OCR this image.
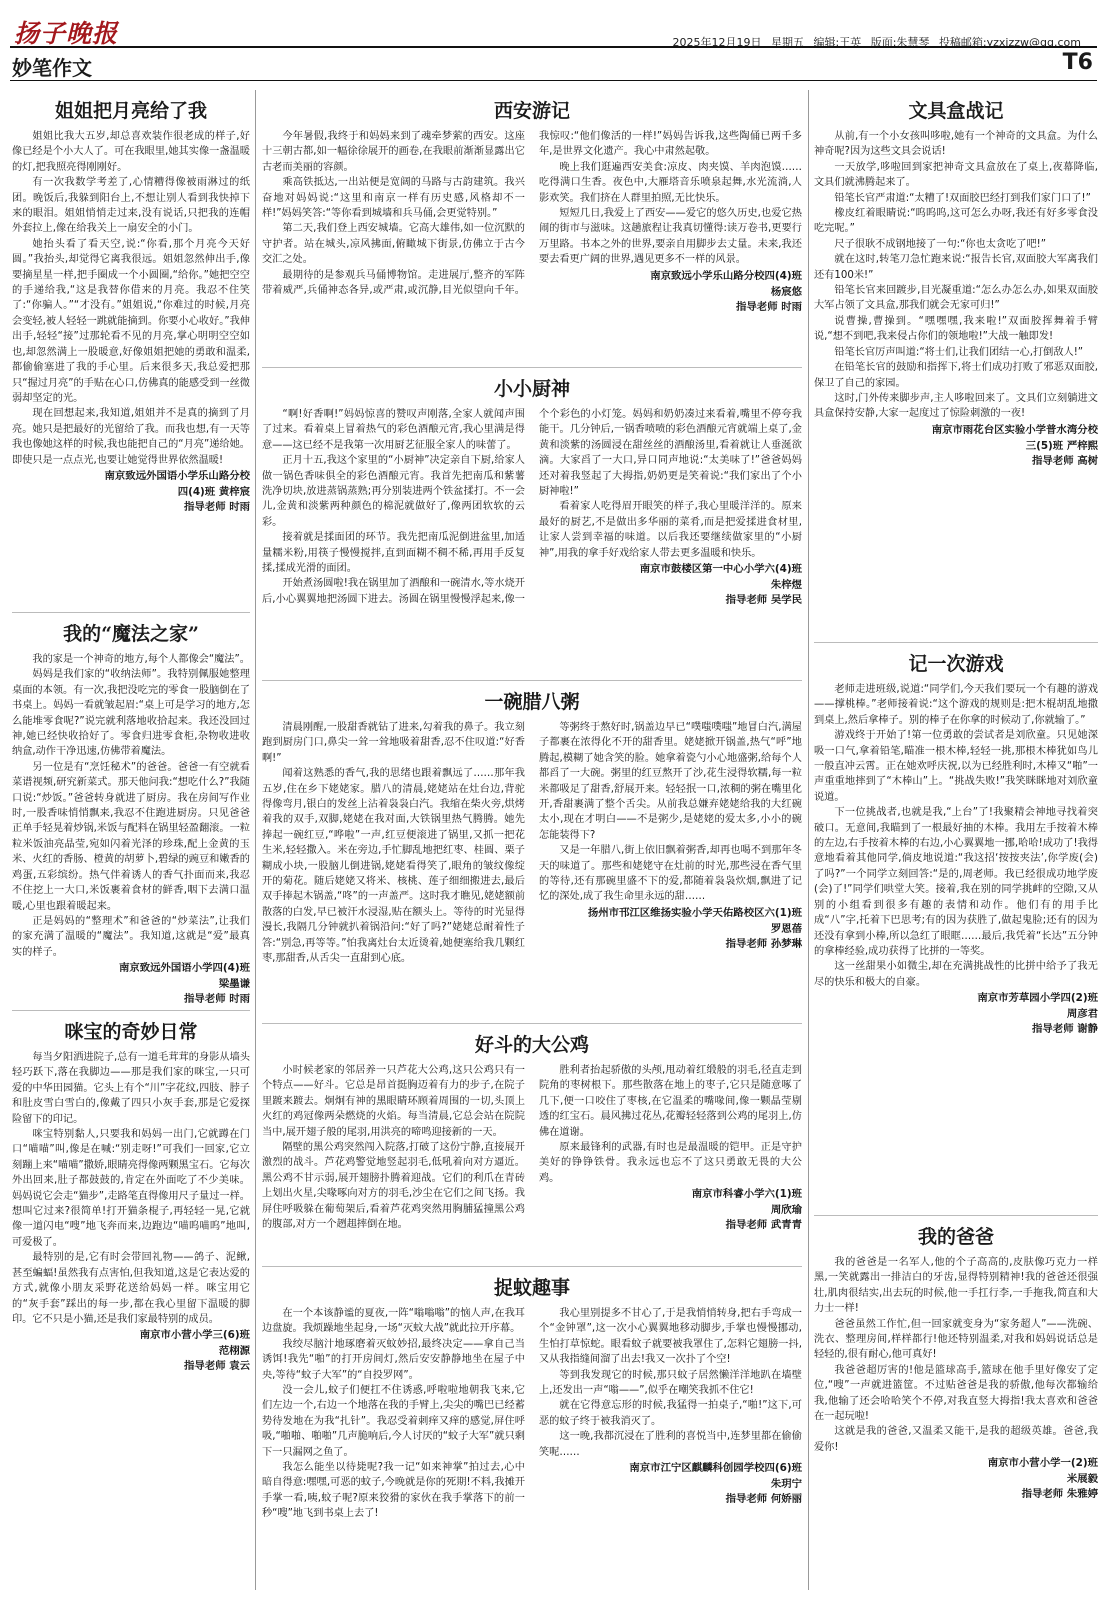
扬子晚报	2025年12月19日 星期五 编辑:王英 版面:朱慧琴 投稿邮箱:yzxjzzw@qq.com
妙笔作文	T6
姐姐把月亮给了我

姐姐比我大五岁,却总喜欢装作很老成的样子,好像已经是个小大人了。可在我眼里,她其实像一盏温暖的灯,把我照亮得刚刚好。

有一次我数学考差了,心情糟得像被雨淋过的纸团。晚饭后,我躲到阳台上,不想让别人看到我快掉下来的眼泪。姐姐悄悄走过来,没有说话,只把我的连帽外套拉上,像在给我关上一扇安全的小门。

她抬头看了看天空,说:“你看,那个月亮今天好圆。”我抬头,却觉得它离我很远。姐姐忽然伸出手,像要摘星星一样,把手圈成一个小圆圈,“给你。”她把空空的手递给我,“这是我替你借来的月亮。我忍不住笑了:“你骗人。”“才没有。”姐姐说,“你难过的时候,月亮会变轻,被人轻轻一跳就能摘到。你要小心收好。”我伸出手,轻轻“接”过那轮看不见的月亮,掌心明明空空如也,却忽然满上一股暖意,好像姐姐把她的勇敢和温柔,都偷偷塞进了我的手心里。后来很多天,我总爱把那只“握过月亮”的手贴在心口,仿佛真的能感受到一丝微弱却坚定的光。

现在回想起来,我知道,姐姐并不是真的摘到了月亮。她只是把最好的光留给了我。而我也想,有一天等我也像她这样的时候,我也能把自己的“月亮”递给她。即使只是一点点光,也要让她觉得世界依然温暖!

南京致远外国语小学乐山路分校
四(4)班 黄梓宸
指导老师 时雨
我的“魔法之家”

我的家是一个神奇的地方,每个人都像会“魔法”。

妈妈是我们家的“收纳法师”。我特别佩服她整理桌面的本领。有一次,我把没吃完的零食一股脑倒在了书桌上。妈妈一看就皱起眉:“桌上可是学习的地方,怎么能堆零食呢?”说完就利落地收拾起来。我还没回过神,她已经快收拾好了。零食归进零食柜,杂物收进收纳盒,动作干净迅速,仿佛带着魔法。

另一位是有“烹饪秘术”的爸爸。爸爸一有空就看菜谱视频,研究新菜式。那天他问我:“想吃什么?”我随口说:“炒饭。”爸爸转身就进了厨房。我在房间写作业时,一股香味悄悄飘来,我忍不住跑进厨房。只见爸爸正单手轻晃着炒锅,米饭与配料在锅里轻盈翻滚。一粒粒米饭油亮晶莹,宛如闪着光泽的珍珠,配上金黄的玉米、火红的香肠、橙黄的胡萝卜,碧绿的豌豆和嫩香的鸡蛋,五彩缤纷。热气伴着诱人的香气扑面而来,我忍不住挖上一大口,米饭裹着食材的鲜香,咽下去满口温暖,心里也跟着暖起来。

正是妈妈的“整理术”和爸爸的“炒菜法”,让我们的家充满了温暖的“魔法”。我知道,这就是“爱”最真实的样子。

南京致远外国语小学四(4)班
梁墨谦
指导老师 时雨
咪宝的奇妙日常

每当夕阳洒进院子,总有一道毛茸茸的身影从墙头轻巧跃下,落在我脚边——那是我们家的咪宝,一只可爱的中华田园猫。它头上有个“川”字花纹,四肢、脖子和肚皮雪白雪白的,像戴了四只小灰手套,那是它爱探险留下的印记。

咪宝特别黏人,只要我和妈妈一出门,它就蹲在门口“喵喵”叫,像是在喊:“别走呀!”可我们一回家,它立刻蹦上来“喵喵”撒娇,眼睛亮得像两颗黑宝石。它每次外出回来,肚子都鼓鼓的,肯定在外面吃了不少美味。妈妈说它会走“猫步”,走路笔直得像用尺子量过一样。想叫它过来?很简单!打开猫条棍子,再轻轻一晃,它就像一道闪电“嗖”地飞奔而来,边跑边“喵呜喵呜”地叫,可爱极了。

最特别的是,它有时会带回礼物——鸽子、泥鳅,甚至蝙蝠!虽然我有点害怕,但我知道,这是它表达爱的方式,就像小朋友采野花送给妈妈一样。咪宝用它的“灰手套”踩出的每一步,都在我心里留下温暖的脚印。它不只是小猫,还是我们家最特别的成员。

南京市小营小学三(6)班
范栩源
指导老师 袁云
西安游记

今年暑假,我终于和妈妈来到了魂牵梦萦的西安。这座十三朝古都,如一幅徐徐展开的画卷,在我眼前渐渐显露出它古老而美丽的容颜。

乘高铁抵达,一出站便是宽阔的马路与古韵建筑。我兴奋地对妈妈说:“这里和南京一样有历史感,风格却不一样!”妈妈笑答:“等你看到城墙和兵马俑,会更觉特别。”

第二天,我们登上西安城墙。它高大雄伟,如一位沉默的守护者。站在城头,凉风拂面,俯瞰城下街景,仿佛立于古今交汇之处。

最期待的是参观兵马俑博物馆。走进展厅,整齐的军阵带着威严,兵俑神态各异,或严肃,或沉静,目光似望向千年。我惊叹:“他们像活的一样!”妈妈告诉我,这些陶俑已两千多年,是世界文化遗产。我心中肃然起敬。

晚上我们逛遍西安美食:凉皮、肉夹馍、羊肉泡馍……吃得满口生香。夜色中,大雁塔音乐喷泉起舞,水光流淌,人影欢笑。我们挤在人群里拍照,无比快乐。

短短几日,我爱上了西安——爱它的悠久历史,也爱它热闹的街市与滋味。这趟旅程让我真切懂得:读万卷书,更要行万里路。书本之外的世界,要亲自用脚步去丈量。未来,我还要去看更广阔的世界,遇见更多不一样的风景。

南京致远小学乐山路分校四(4)班
杨宸悠
指导老师 时雨
小小厨神

“啊!好香啊!”妈妈惊喜的赞叹声刚落,全家人就闻声围了过来。看着桌上冒着热气的彩色酒酿元宵,我心里满是得意——这已经不是我第一次用厨艺征服全家人的味蕾了。

正月十五,我这个家里的“小厨神”决定亲自下厨,给家人做一锅色香味俱全的彩色酒酿元宵。我首先把南瓜和紫薯洗净切块,放进蒸锅蒸熟;再分别装进两个铁盆揉打。不一会儿,金黄和淡紫两种颜色的棉泥就做好了,像两团软软的云彩。

接着就是揉面团的环节。我先把南瓜泥倒进盆里,加适量糯米粉,用筷子慢慢搅拌,直到面糊不稠不稀,再用手反复揉,揉成光滑的面团。

开始煮汤圆啦!我在锅里加了酒酿和一碗清水,等水烧开后,小心翼翼地把汤圆下进去。汤圆在锅里慢慢浮起来,像一个个彩色的小灯笼。妈妈和奶奶凑过来看着,嘴里不停夸我能干。几分钟后,一锅香喷喷的彩色酒酿元宵就端上桌了,金黄和淡紫的汤圆浸在甜丝丝的酒酿汤里,看着就让人垂涎欲滴。大家舀了一大口,异口同声地说:“太美味了!”爸爸妈妈还对着我竖起了大拇指,奶奶更是笑着说:“我们家出了个小厨神啦!”

看着家人吃得眉开眼笑的样子,我心里暖洋洋的。原来最好的厨艺,不是做出多华丽的菜肴,而是把爱揉进食材里,让家人尝到幸福的味道。以后我还要继续做家里的“小厨神”,用我的拿手好戏给家人带去更多温暖和快乐。

南京市鼓楼区第一中心小学六(4)班
朱梓煜
指导老师 吴学民
一碗腊八粥

清晨刚醒,一股甜香就钻了进来,勾着我的鼻子。我立刻跑到厨房门口,鼻尖一耸一耸地吸着甜香,忍不住叹道:“好香啊!”

闻着这熟悉的香气,我的思绪也跟着飘远了……那年我五岁,住在乡下姥姥家。腊八的清晨,姥姥站在灶台边,背驼得像弯月,银白的发丝上沾着袅袅白汽。我缩在柴火旁,烘烤着我的双手,双脚,姥姥在我对面,大铁锅里热气腾腾。她先捧起一碗红豆,“哗啦”一声,红豆便滚进了锅里,又抓一把花生米,轻轻撒入。米在旁边,手忙脚乱地把红枣、桂圆、栗子糊成小块,一股脑儿倒进锅,姥姥看得笑了,眼角的皱纹像绽开的菊花。随后姥姥又将米、核桃、莲子细细搬进去,最后双手捧起木锅盖,“咚”的一声盖严。这时我才瞧见,姥姥额前散落的白发,早已被汗水浸湿,贴在额头上。等待的时光显得漫长,我隔几分钟就扒着锅沿问:“好了吗?”姥姥总耐着性子答:“别急,再等等。”怕我离灶台太近烫着,她便塞给我几颗红枣,那甜香,从舌尖一直甜到心底。

等粥终于熬好时,锅盖边早已“噗嗤噗嗤”地冒白汽,满屋子都裹在浓得化不开的甜香里。姥姥掀开锅盖,热气“呼”地腾起,模糊了她含笑的脸。她拿着瓷勺小心地盛粥,给每个人都舀了一大碗。粥里的红豆熬开了沙,花生浸得软糯,每一粒米都吸足了甜香,舒展开来。轻轻抿一口,浓稠的粥在嘴里化开,香甜裹满了整个舌尖。从前我总嫌弃姥姥给我的大红碗太小,现在才明白——不是粥少,是姥姥的爱太多,小小的碗怎能装得下?

又是一年腊八,街上依旧飘着粥香,却再也喝不到那年冬天的味道了。那些和姥姥守在灶前的时光,那些浸在香气里的等待,还有那碗里盛不下的爱,都随着袅袅炊烟,飘进了记忆的深处,成了我生命里永远的甜……

扬州市邗江区维扬实验小学天佑路校区六(1)班
罗恩蓓
指导老师 孙梦琳
好斗的大公鸡

小时候老家的邻居养一只芦花大公鸡,这只公鸡只有一个特点——好斗。它总是昂首挺胸迈着有力的步子,在院子里踱来踱去。炯炯有神的黑眼睛环顾着周围的一切,头顶上火红的鸡冠像两朵燃烧的火焰。每当清晨,它总会站在院院当中,展开翅子般的尾羽,用洪亮的啼鸣迎接新的一天。

隔壁的黑公鸡突然闯入院落,打破了这份宁静,直接展开激烈的战斗。芦花鸡警觉地竖起羽毛,低吼着向对方逼近。黑公鸡不甘示弱,展开翅膀扑腾着迎战。它们的利爪在青砖上划出火星,尖喙啄向对方的羽毛,沙尘在它们之间飞扬。我屏住呼吸躲在葡萄架后,看着芦花鸡突然用胸脯猛撞黑公鸡的腹部,对方一个趔趄摔倒在地。

胜利者抬起骄傲的头颅,甩动着红缎般的羽毛,径直走到院角的枣树根下。那些散落在地上的枣子,它只是随意啄了几下,便一口咬住了枣核,在它温柔的嘴喙间,像一颗晶莹剔透的红宝石。晨风拂过花丛,花瓣轻轻落到公鸡的尾羽上,仿佛在道谢。

原来最锋利的武器,有时也是最温暖的铠甲。正是守护美好的铮铮铁骨。我永远也忘不了这只勇敢无畏的大公鸡。

南京市科睿小学六(1)班
周欣瑜
指导老师 武青青
捉蚊趣事

在一个本该静谧的夏夜,一阵“嗡嗡嗡”的恼人声,在我耳边盘旋。我烦躁地坐起身,一场“灭蚊大战”就此拉开序幕。

我绞尽脑汁地琢磨着灭蚊妙招,最终决定——拿自己当诱饵!我先“啪”的打开房间灯,然后安安静静地坐在屋子中央,等待“蚊子大军”的“自投罗网”。

没一会儿,蚊子们便扛不住诱惑,呼啦啦地朝我飞来,它们左边一个,右边一个地落在我的手臂上,尖尖的嘴巴已经蓄势待发地在为我“扎针”。我忍受着刺痒又痒的感觉,屏住呼吸,“啪啪、啪啪”几声脆响后,今人讨厌的“蚊子大军”就只剩下一只漏网之鱼了。

我怎么能坐以待毙呢?我一记“如来神掌”拍过去,心中暗自得意:嘿嘿,可恶的蚊子,今晚就是你的死期!不料,我摊开手掌一看,咦,蚊子呢?原来狡猾的家伙在我手掌落下的前一秒“嗖”地飞到书桌上去了!

我心里别提多不甘心了,于是我悄悄转身,把右手弯成一个“金钟罩”,这一次小心翼翼地移动脚步,手掌也慢慢挪动,生怕打草惊蛇。眼看蚊子就要被我罩住了,怎料它翅膀一抖,又从我指缝间溜了出去!我又一次扑了个空!

等到我发现它的时候,那只蚊子居然懒洋洋地趴在墙壁上,还发出一声“嗡——”,似乎在嘲笑我抓不住它!

就在它得意忘形的时候,我猛得一拍桌子,“啪!”这下,可恶的蚊子终于被我消灭了。

这一晚,我都沉浸在了胜利的喜悦当中,连梦里都在偷偷笑呢……

南京市江宁区麒麟科创园学校四(6)班
朱玥宁
指导老师 何娇丽
文具盒战记

从前,有一个小女孩叫哆啦,她有一个神奇的文具盒。为什么神奇呢?因为这些文具会说话!

一天放学,哆啦回到家把神奇文具盒放在了桌上,夜幕降临,文具们就沸腾起来了。

铅笔长官严肃道:“太糟了!双面胶巴经打到我们家门口了!”

橡皮红着眼睛说:“呜呜呜,这可怎么办呀,我还有好多零食没吃完呢。”

尺子很耿不成钢地接了一句:“你也太贪吃了吧!”

就在这时,转笔刀急忙跑来说:“报告长官,双面胶大军离我们还有100米!”

铅笔长官来回踱步,目光凝重道:“怎么办怎么办,如果双面胶大军占领了文具盒,那我们就会无家可归!”

说曹操,曹操到。“嘿嘿嘿,我来啦!”双面胶挥舞着手臂说,“想不到吧,我来侵占你们的领地啦!”大战一触即发!

铅笔长官厉声叫道:“将士们,让我们团结一心,打倒敌人!”

在铅笔长官的鼓励和指挥下,将士们成功打败了邪恶双面胶,保卫了自己的家园。

这时,门外传来脚步声,主人哆啦回来了。文具们立刻躺进文具盒保持安静,大家一起度过了惊险刺激的一夜!

南京市雨花台区实验小学普水湾分校
三(5)班 严梓熙
指导老师 高树
记一次游戏

老师走进班级,说道:“同学们,今天我们要玩一个有趣的游戏——撑桃棒。”老师接着说:“这个游戏的规则是:把木棍胡乱地撒到桌上,然后拿棒子。别的棒子在你拿的时候动了,你就输了。”

游戏终于开始了!第一位勇敢的尝试者是刘欣童。只见她深吸一口气,拿着铅笔,瞄准一根木棒,轻轻一挑,那根木棒犹如鸟儿一般直冲云霄。正在她欢呼庆祝,以为已经胜利时,木棒又“啪”一声重重地摔到了“木棒山”上。“挑战失败!”我笑眯眯地对刘欣童说道。

下一位挑战者,也就是我,“上台”了!我聚精会神地寻找着突破口。无意间,我瞄到了一根最好抽的木棒。我用左手按着木棒的左边,右手按着木棒的右边,小心翼翼地一挪,哈哈!成功了!我得意地看着其他同学,倘皮地说道:“我这招‘按按夹法’,你学废(会)了吗?”一个同学立刻回答:“是的,周老师。我已经很成功地学废(会)了!”同学们哄堂大笑。接着,我在别的同学挑衅的空隙,又从别的小组看到很多有趣的表情和动作。他们有的用手比成“八”字,托着下巴思考;有的因为获胜了,做起鬼脸;还有的因为还没有拿到小棒,所以急红了眼眶……最后,我凭着“长达”五分钟的拿棒经验,成功获得了比拼的一等奖。

这一丝甜果小如微尘,却在充满挑战性的比拼中给予了我无尽的快乐和极大的自豪。

南京市芳草园小学四(2)班
周彦君
指导老师 谢静
我的爸爸

我的爸爸是一名军人,他的个子高高的,皮肤像巧克力一样黑,一笑就露出一排洁白的牙齿,显得特别精神!我的爸爸还很强壮,肌肉很结实,出去玩的时候,他一手扛行李,一手拖我,简直和大力士一样!

爸爸虽然工作忙,但一回家就变身为“家务超人”——洗碗、洗衣、整理房间,样样都行!他还特别温柔,对我和妈妈说话总是轻轻的,很有耐心,他可真好!

我爸爸超厉害的!他是篮球高手,篮球在他手里好像安了定位,“嗖”一声就进篮筐。不过贴爸爸是我的骄傲,他每次都输给我,他输了还会哈哈笑个不停,对我直竖大拇指!我太喜欢和爸爸在一起玩啦!

这就是我的爸爸,又温柔又能干,是我的超级英雄。爸爸,我爱你!

南京市小营小学一(2)班
米展毅
指导老师 朱雅婷
